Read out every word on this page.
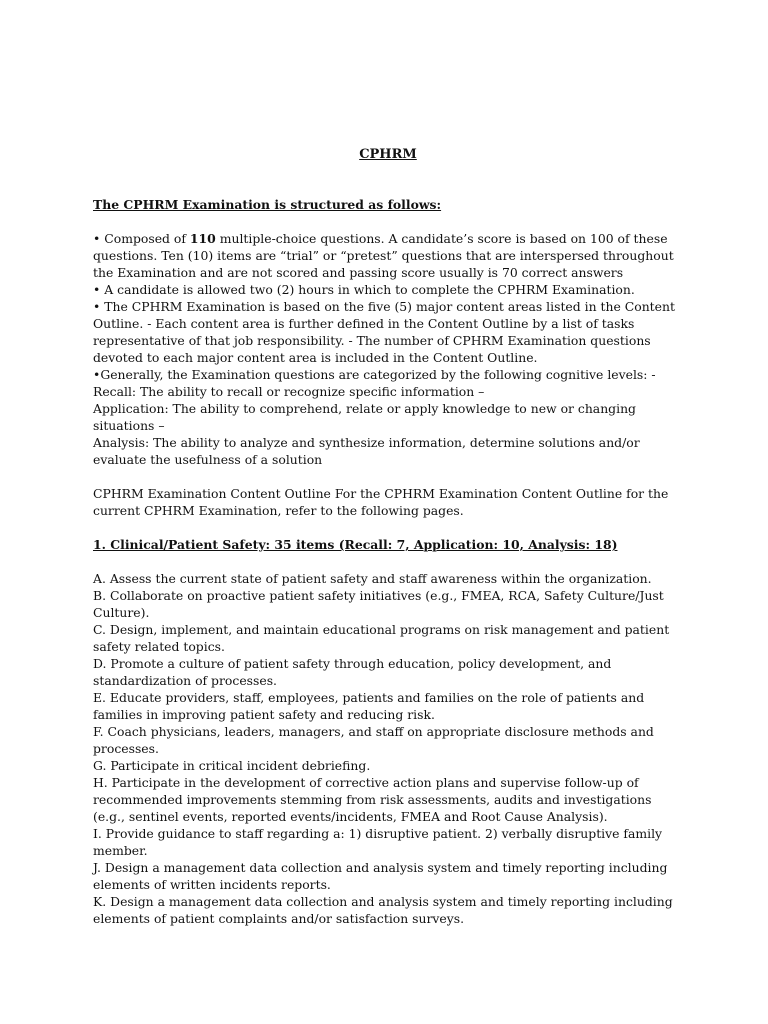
CPHRM
The CPHRM Examination is structured as follows:

• Composed of 110 multiple-choice questions. A candidate’s score is based on 100 of these questions. Ten (10) items are “trial” or “pretest” questions that are interspersed throughout the Examination and are not scored and passing score usually is 70 correct answers

• A candidate is allowed two (2) hours in which to complete the CPHRM Examination.

• The CPHRM Examination is based on the five (5) major content areas listed in the Content Outline. - Each content area is further defined in the Content Outline by a list of tasks representative of that job responsibility. - The number of CPHRM Examination questions devoted to each major content area is included in the Content Outline.

•Generally, the Examination questions are categorized by the following cognitive levels: - Recall: The ability to recall or recognize specific information –

Application: The ability to comprehend, relate or apply knowledge to new or changing situations –

Analysis: The ability to analyze and synthesize information, determine solutions and/or evaluate the usefulness of a solution

CPHRM Examination Content Outline For the CPHRM Examination Content Outline for the current CPHRM Examination, refer to the following pages.

1. Clinical/Patient Safety: 35 items (Recall: 7, Application: 10, Analysis: 18)

A. Assess the current state of patient safety and staff awareness within the organization.

B. Collaborate on proactive patient safety initiatives (e.g., FMEA, RCA, Safety Culture/Just Culture).

C. Design, implement, and maintain educational programs on risk management and patient safety related topics.

D. Promote a culture of patient safety through education, policy development, and standardization of processes.

E. Educate providers, staff, employees, patients and families on the role of patients and families in improving patient safety and reducing risk.

F. Coach physicians, leaders, managers, and staff on appropriate disclosure methods and processes.

G. Participate in critical incident debriefing.

H. Participate in the development of corrective action plans and supervise follow-up of recommended improvements stemming from risk assessments, audits and investigations (e.g., sentinel events, reported events/incidents, FMEA and Root Cause Analysis).

I. Provide guidance to staff regarding a: 1) disruptive patient. 2) verbally disruptive family member.

J. Design a management data collection and analysis system and timely reporting including elements of written incidents reports.

K. Design a management data collection and analysis system and timely reporting including elements of patient complaints and/or satisfaction surveys.
